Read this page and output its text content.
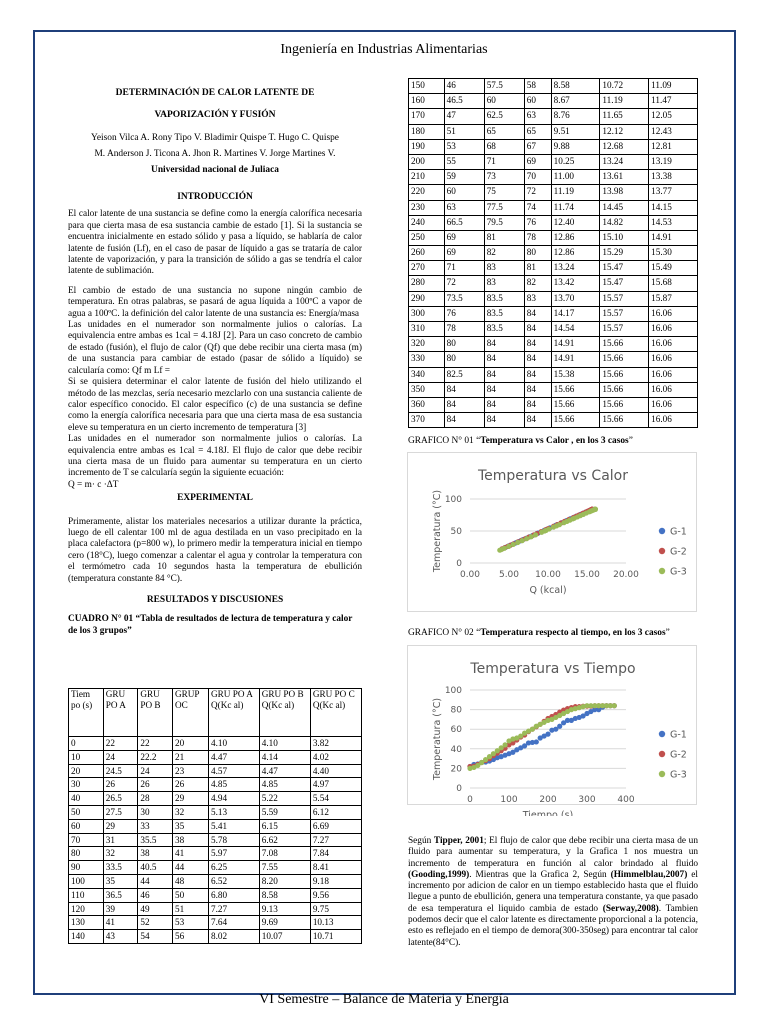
Ingeniería en Industrias Alimentarias
DETERMINACIÓN DE CALOR LATENTE DE
VAPORIZACIÓN Y FUSIÓN
Yeison Vilca A. Rony Tipo V. Bladimir Quispe T. Hugo C. Quispe
M. Anderson J. Ticona A. Jhon R. Martines V. Jorge Martines V.
Universidad nacional de Juliaca
INTRODUCCIÓN

El calor latente de una sustancia se define como la energía calorífica necesaria para que cierta masa de esa sustancia cambie de estado [1]. Si la sustancia se encuentra inicialmente en estado sólido y pasa a líquido, se hablaría de calor latente de fusión (Lf), en el caso de pasar de líquido a gas se trataría de calor latente de vaporización, y para la transición de sólido a gas se tendría el calor latente de sublimación.

El cambio de estado de una sustancia no supone ningún cambio de temperatura. En otras palabras, se pasará de agua líquida a 100ºC a vapor de agua a 100ºC. la definición del calor latente de una sustancia es: Energía/masa

Las unidades en el numerador son normalmente julios o calorías. La equivalencia entre ambas es 1cal = 4.18J [2]. Para un caso concreto de cambio de estado (fusión), el flujo de calor (Qf) que debe recibir una cierta masa (m) de una sustancia para cambiar de estado (pasar de sólido a líquido) se calcularía como: Qf m Lf =

Si se quisiera determinar el calor latente de fusión del hielo utilizando el método de las mezclas, sería necesario mezclarlo con una sustancia caliente de calor específico conocido. El calor específico (c) de una sustancia se define como la energía calorífica necesaria para que una cierta masa de esa sustancia eleve su temperatura en un cierto incremento de temperatura [3]

Las unidades en el numerador son normalmente julios o calorías. La equivalencia entre ambas es 1cal = 4.18J. El flujo de calor que debe recibir una cierta masa de un fluido para aumentar su temperatura en un cierto incremento de T se calcularía según la siguiente ecuación:

Q = m· c ·ΔT

EXPERIMENTAL

Primeramente, alistar los materiales necesarios a utilizar durante la práctica, luego de ell calentar 100 ml de agua destilada en un vaso precipitado en la placa calefactora (p=800 w), lo primero medir la temperatura inicial en tiempo cero (18°C), luego comenzar a calentar el agua y controlar la temperatura con el termómetro cada 10 segundos hasta la temperatura de ebullición (temperatura constante 84 °C).

RESULTADOS Y DISCUSIONES

CUADRO N° 01 “Tabla de resultados de lectura de temperatura y calor de los 3 grupos”

Tiem po (s)	GRU PO A	GRU PO B	GRUP OC	GRU PO A Q(Kc al)	GRU PO B Q(Kc al)	GRU PO C Q(Kc al)
0	22	22	20	4.10	4.10	3.82
10	24	22.2	21	4.47	4.14	4.02
20	24.5	24	23	4.57	4.47	4.40
30	26	26	26	4.85	4.85	4.97
40	26.5	28	29	4.94	5.22	5.54
50	27.5	30	32	5.13	5.59	6.12
60	29	33	35	5.41	6.15	6.69
70	31	35.5	38	5.78	6.62	7.27
80	32	38	41	5.97	7.08	7.84
90	33.5	40.5	44	6.25	7.55	8.41
100	35	44	48	6.52	8.20	9.18
110	36.5	46	50	6.80	8.58	9.56
120	39	49	51	7.27	9.13	9.75
130	41	52	53	7.64	9.69	10.13
140	43	54	56	8.02	10.07	10.71
150	46	57.5	58	8.58	10.72	11.09
160	46.5	60	60	8.67	11.19	11.47
170	47	62.5	63	8.76	11.65	12.05
180	51	65	65	9.51	12.12	12.43
190	53	68	67	9.88	12.68	12.81
200	55	71	69	10.25	13.24	13.19
210	59	73	70	11.00	13.61	13.38
220	60	75	72	11.19	13.98	13.77
230	63	77.5	74	11.74	14.45	14.15
240	66.5	79.5	76	12.40	14.82	14.53
250	69	81	78	12.86	15.10	14.91
260	69	82	80	12.86	15.29	15.30
270	71	83	81	13.24	15.47	15.49
280	72	83	82	13.42	15.47	15.68
290	73.5	83.5	83	13.70	15.57	15.87
300	76	83.5	84	14.17	15.57	16.06
310	78	83.5	84	14.54	15.57	16.06
320	80	84	84	14.91	15.66	16.06
330	80	84	84	14.91	15.66	16.06
340	82.5	84	84	15.38	15.66	16.06
350	84	84	84	15.66	15.66	16.06
360	84	84	84	15.66	15.66	16.06
370	84	84	84	15.66	15.66	16.06
GRAFICO N° 01 “Temperatura vs Calor , en los 3 casos”
Temperatura vs Calor
0
50
100
0.00 5.00 10.00 15.00 20.00
Q (kcal)
Temperatura (°C)	G-1
G-2
G-3
GRAFICO N° 02 “Temperatura respecto al tiempo, en los 3 casos”
Temperatura vs Tiempo
0
20
40
60
80
100
0	100 200 300 400
Tiempo (s)
Temperatura (°C)	G-1
G-2
G-3
Según Tipper, 2001; El flujo de calor que debe recibir una cierta masa de un fluido para aumentar su temperatura, y la Grafica 1 nos muestra un incremento de temperatura en función al calor brindado al fluido (Gooding,1999). Mientras que la Grafica 2, Según (Himmelblau,2007) el incremento por adicion de calor en un tiempo establecido hasta que el fluido llegue a punto de ebullición, genera una temperatura constante, ya que pasado de esa temperatura el liquido cambia de estado (Serway,2008). Tambien podemos decir que el calor latente es directamente proporcional a la potencia, esto es reflejado en el tiempo de demora(300-350seg) para encontrar tal calor latente(84°C).
VI Semestre – Balance de Materia y Energía
